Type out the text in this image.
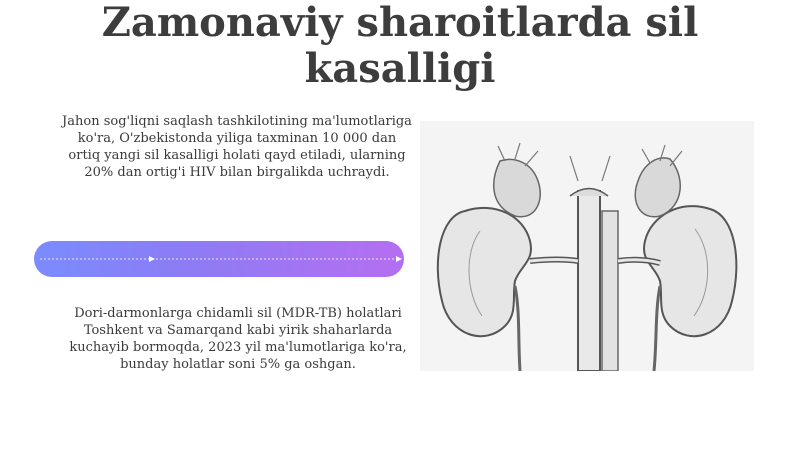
Zamonaviy sharoitlarda sil kasalligi

Jahon sog'liqni saqlash tashkilotining ma'lumotlariga ko'ra, O'zbekistonda yiliga taxminan 10 000 dan ortiq yangi sil kasalligi holati qayd etiladi, ularning 20% dan ortig'i HIV bilan birgalikda uchraydi.

Dori-darmonlarga chidamli sil (MDR-TB) holatlari Toshkent va Samarqand kabi yirik shaharlarda kuchayib bormoqda, 2023 yil ma'lumotlariga ko'ra, bunday holatlar soni 5% ga oshgan.
